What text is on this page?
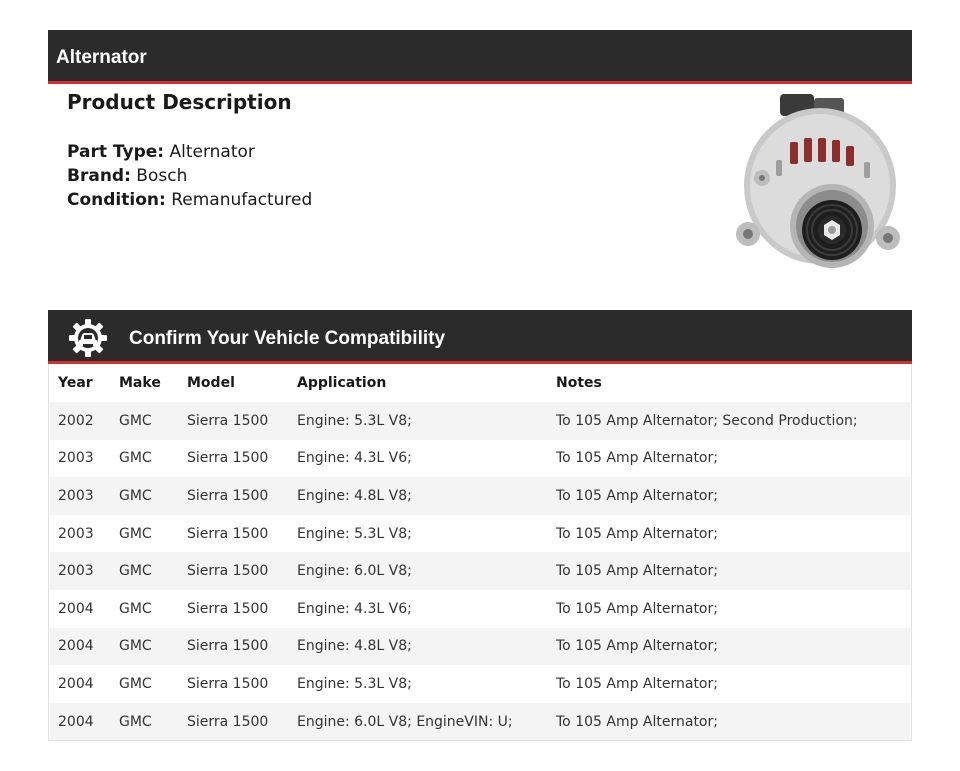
Alternator
Product Description
Part Type: Alternator
Brand: Bosch
Condition: Remanufactured
Confirm Your Vehicle Compatibility
Year	Make	Model	Application	Notes
2002	GMC	Sierra 1500	Engine: 5.3L V8;	To 105 Amp Alternator; Second Production;
2003	GMC	Sierra 1500	Engine: 4.3L V6;	To 105 Amp Alternator;
2003	GMC	Sierra 1500	Engine: 4.8L V8;	To 105 Amp Alternator;
2003	GMC	Sierra 1500	Engine: 5.3L V8;	To 105 Amp Alternator;
2003	GMC	Sierra 1500	Engine: 6.0L V8;	To 105 Amp Alternator;
2004	GMC	Sierra 1500	Engine: 4.3L V6;	To 105 Amp Alternator;
2004	GMC	Sierra 1500	Engine: 4.8L V8;	To 105 Amp Alternator;
2004	GMC	Sierra 1500	Engine: 5.3L V8;	To 105 Amp Alternator;
2004	GMC	Sierra 1500	Engine: 6.0L V8; EngineVIN: U;	To 105 Amp Alternator;
